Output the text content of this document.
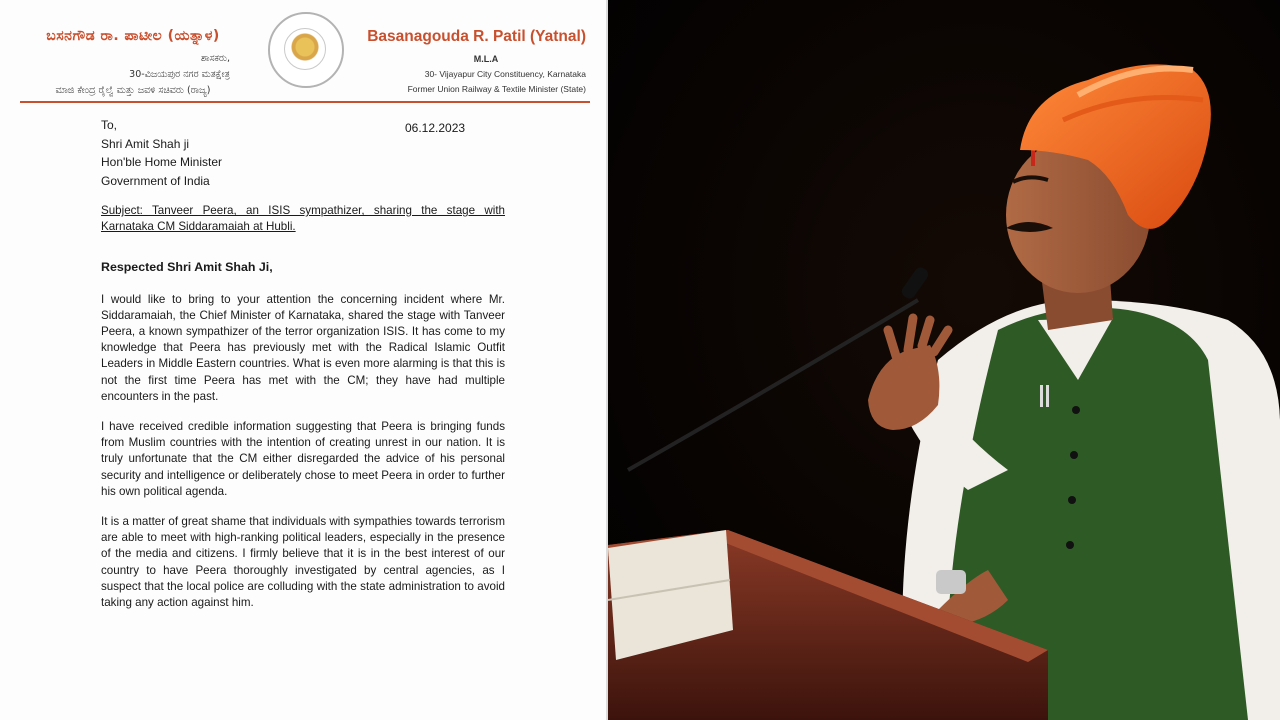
ಬಸನಗೌಡ ರಾ. ಪಾಟೀಲ (ಯತ್ನಾಳ)
ಶಾಸಕರು,
30-ವಿಜಯಪುರ ನಗರ ಮತಕ್ಷೇತ್ರ
ಮಾಜಿ ಕೇಂದ್ರ ರೈಲ್ವೆ ಮತ್ತು ಜವಳಿ ಸಚಿವರು (ರಾಜ್ಯ)
Basanagouda R. Patil (Yatnal)
M.L.A
30- Vijayapur City Constituency, Karnataka
Former Union Railway & Textile Minister (State)
06.12.2023
To,
Shri Amit Shah ji
Hon'ble Home Minister
Government of India
Subject: Tanveer Peera, an ISIS sympathizer, sharing the stage with Karnataka CM Siddaramaiah at Hubli.
Respected Shri Amit Shah Ji,
I would like to bring to your attention the concerning incident where Mr. Siddaramaiah, the Chief Minister of Karnataka, shared the stage with Tanveer Peera, a known sympathizer of the terror organization ISIS. It has come to my knowledge that Peera has previously met with the Radical Islamic Outfit Leaders in Middle Eastern countries. What is even more alarming is that this is not the first time Peera has met with the CM; they have had multiple encounters in the past.
I have received credible information suggesting that Peera is bringing funds from Muslim countries with the intention of creating unrest in our nation. It is truly unfortunate that the CM either disregarded the advice of his personal security and intelligence or deliberately chose to meet Peera in order to further his own political agenda.
It is a matter of great shame that individuals with sympathies towards terrorism are able to meet with high-ranking political leaders, especially in the presence of the media and citizens. I firmly believe that it is in the best interest of our country to have Peera thoroughly investigated by central agencies, as I suspect that the local police are colluding with the state administration to avoid taking any action against him.
